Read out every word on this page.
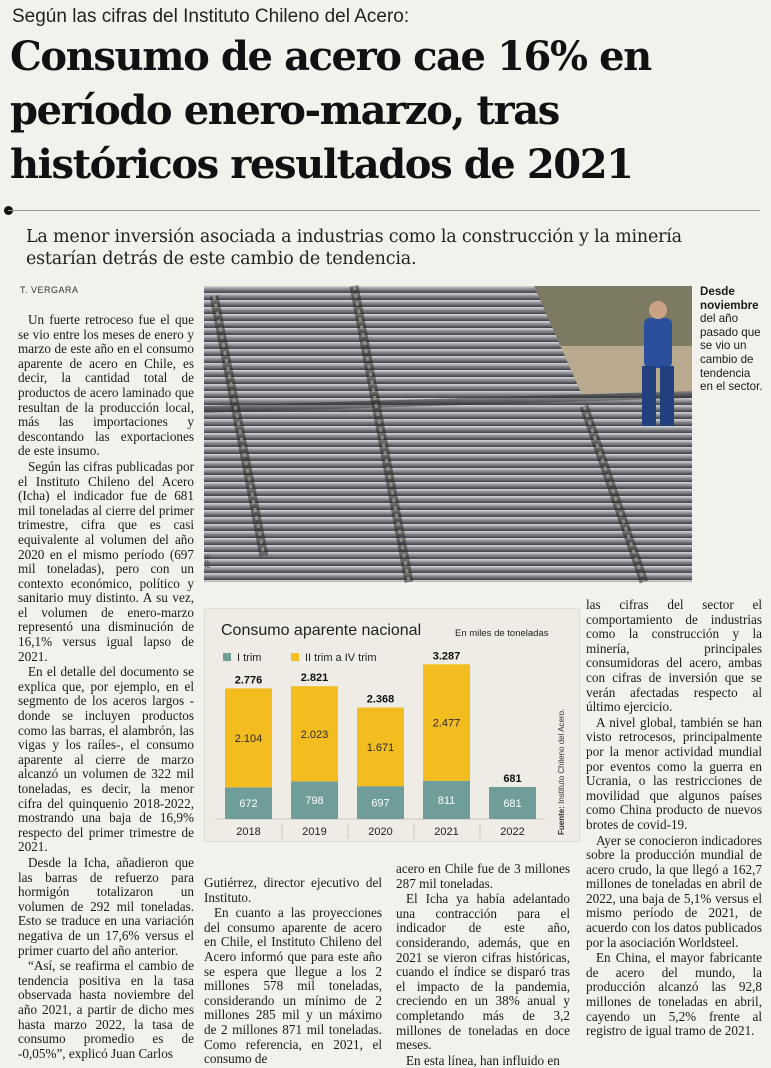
Según las cifras del Instituto Chileno del Acero:
Consumo de acero cae 16% en período enero-marzo, tras históricos resultados de 2021
La menor inversión asociada a industrias como la construcción y la minería estarían detrás de este cambio de tendencia.
T. VERGARA

Un fuerte retroceso fue el que se vio entre los meses de enero y marzo de este año en el consumo aparente de acero en Chile, es decir, la cantidad total de productos de acero laminado que resultan de la producción local, más las importaciones y descontando las exportaciones de este insumo.

Según las cifras publicadas por el Instituto Chileno del Acero (Icha) el indicador fue de 681 mil toneladas al cierre del primer trimestre, cifra que es casi equivalente al volumen del año 2020 en el mismo período (697 mil toneladas), pero con un contexto económico, político y sanitario muy distinto. A su vez, el volumen de enero-marzo representó una disminución de 16,1% versus igual lapso de 2021.

En el detalle del documento se explica que, por ejemplo, en el segmento de los aceros largos -donde se incluyen productos como las barras, el alambrón, las vigas y los raíles-, el consumo aparente al cierre de marzo alcanzó un volumen de 322 mil toneladas, es decir, la menor cifra del quinquenio 2018-2022, mostrando una baja de 16,9% respecto del primer trimestre de 2021.

Desde la Icha, añadieron que las barras de refuerzo para hormigón totalizaron un volumen de 292 mil toneladas. Esto se traduce en una variación negativa de un 17,6% versus el primer cuarto del año anterior.

“Así, se reafirma el cambio de tendencia positiva en la tasa observada hasta noviembre del año 2021, a partir de dicho mes hasta marzo 2022, la tasa de consumo promedio es de -0,05%”, explicó Juan Carlos

EFE
Desde noviembre del año pasado que se vio un cambio de tendencia en el sector.
Consumo aparente nacional	En miles de toneladas
I trim	II trim a IV trim
672
2.104
2.776
2018
798
2.023
2.821
2019
697
1.671
2.368
2020
811
2.477
3.287
2021
681
681
2022	Fuente: Instituto Chileno del Acero.

Gutiérrez, director ejecutivo del Instituto.

En cuanto a las proyecciones del consumo aparente de acero en Chile, el Instituto Chileno del Acero informó que para este año se espera que llegue a los 2 millones 578 mil toneladas, considerando un mínimo de 2 millones 285 mil y un máximo de 2 millones 871 mil toneladas. Como referencia, en 2021, el consumo de

acero en Chile fue de 3 millones 287 mil toneladas.

El Icha ya había adelantado una contracción para el indicador de este año, considerando, además, que en 2021 se vieron cifras históricas, cuando el índice se disparó tras el impacto de la pandemia, creciendo en un 38% anual y completando más de 3,2 millones de toneladas en doce meses.

En esta línea, han influido en

las cifras del sector el comportamiento de industrias como la construcción y la minería, principales consumidoras del acero, ambas con cifras de inversión que se verán afectadas respecto al último ejercicio.

A nivel global, también se han visto retrocesos, principalmente por la menor actividad mundial por eventos como la guerra en Ucrania, o las restricciones de movilidad que algunos países como China producto de nuevos brotes de covid-19.

Ayer se conocieron indicadores sobre la producción mundial de acero crudo, la que llegó a 162,7 millones de toneladas en abril de 2022, una baja de 5,1% versus el mismo período de 2021, de acuerdo con los datos publicados por la asociación Worldsteel.

En China, el mayor fabricante de acero del mundo, la producción alcanzó las 92,8 millones de toneladas en abril, cayendo un 5,2% frente al registro de igual tramo de 2021.
